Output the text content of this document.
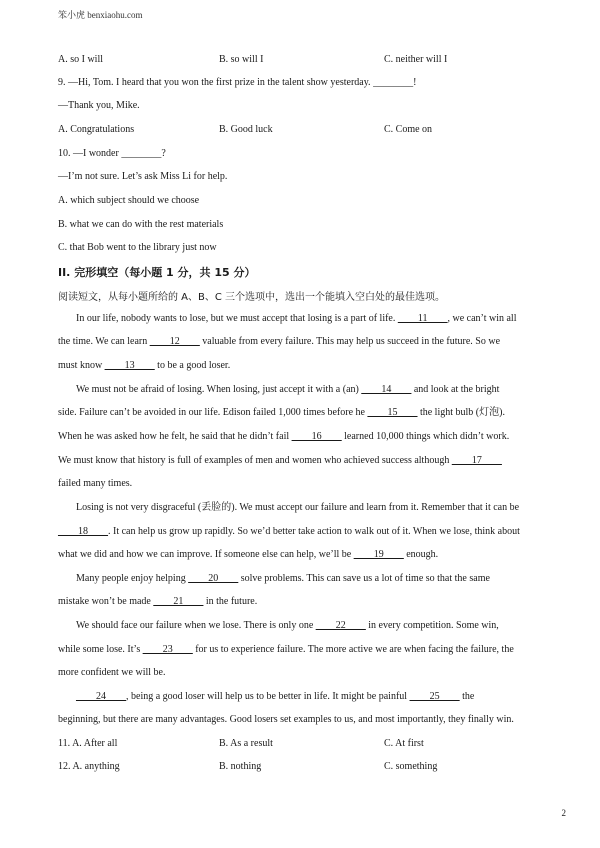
笨小虎 benxiaohu.com
A. so I will	B. so will I	C. neither will I
9. —Hi, Tom. I heard that you won the first prize in the talent show yesterday. ________!
—Thank you, Mike.
A. Congratulations	B. Good luck	C. Come on
10. —I wonder ________?
—I’m not sure. Let’s ask Miss Li for help.
A. which subject should we choose
B. what we can do with the rest materials
C. that Bob went to the library just now
II. 完形填空（每小题 1 分，共 15 分）
阅读短文，从每小题所给的 A、B、C 三个选项中，选出一个能填入空白处的最佳选项。
In our life, nobody wants to lose, but we must accept that losing is a part of life. ____11____, we can’t win all
the time. We can learn ____12____ valuable from every failure. This may help us succeed in the future. So we
must know ____13____ to be a good loser.
We must not be afraid of losing. When losing, just accept it with a (an) ____14____ and look at the bright
side. Failure can’t be avoided in our life. Edison failed 1,000 times before he ____15____ the light bulb (灯泡).
When he was asked how he felt, he said that he didn’t fail ____16____ learned 10,000 things which didn’t work.
We must know that history is full of examples of men and women who achieved success although ____17____
failed many times.
Losing is not very disgraceful (丢脸的). We must accept our failure and learn from it. Remember that it can be
____18____. It can help us grow up rapidly. So we’d better take action to walk out of it. When we lose, think about
what we did and how we can improve. If someone else can help, we’ll be ____19____ enough.
Many people enjoy helping ____20____ solve problems. This can save us a lot of time so that the same
mistake won’t be made ____21____ in the future.
We should face our failure when we lose. There is only one ____22____ in every competition. Some win,
while some lose. It’s ____23____ for us to experience failure. The more active we are when facing the failure, the
more confident we will be.
____24____, being a good loser will help us to be better in life. It might be painful ____25____ the
beginning, but there are many advantages. Good losers set examples to us, and most importantly, they finally win.
11. A. After all	B. As a result	C. At first
12. A. anything	B. nothing	C. something
2
